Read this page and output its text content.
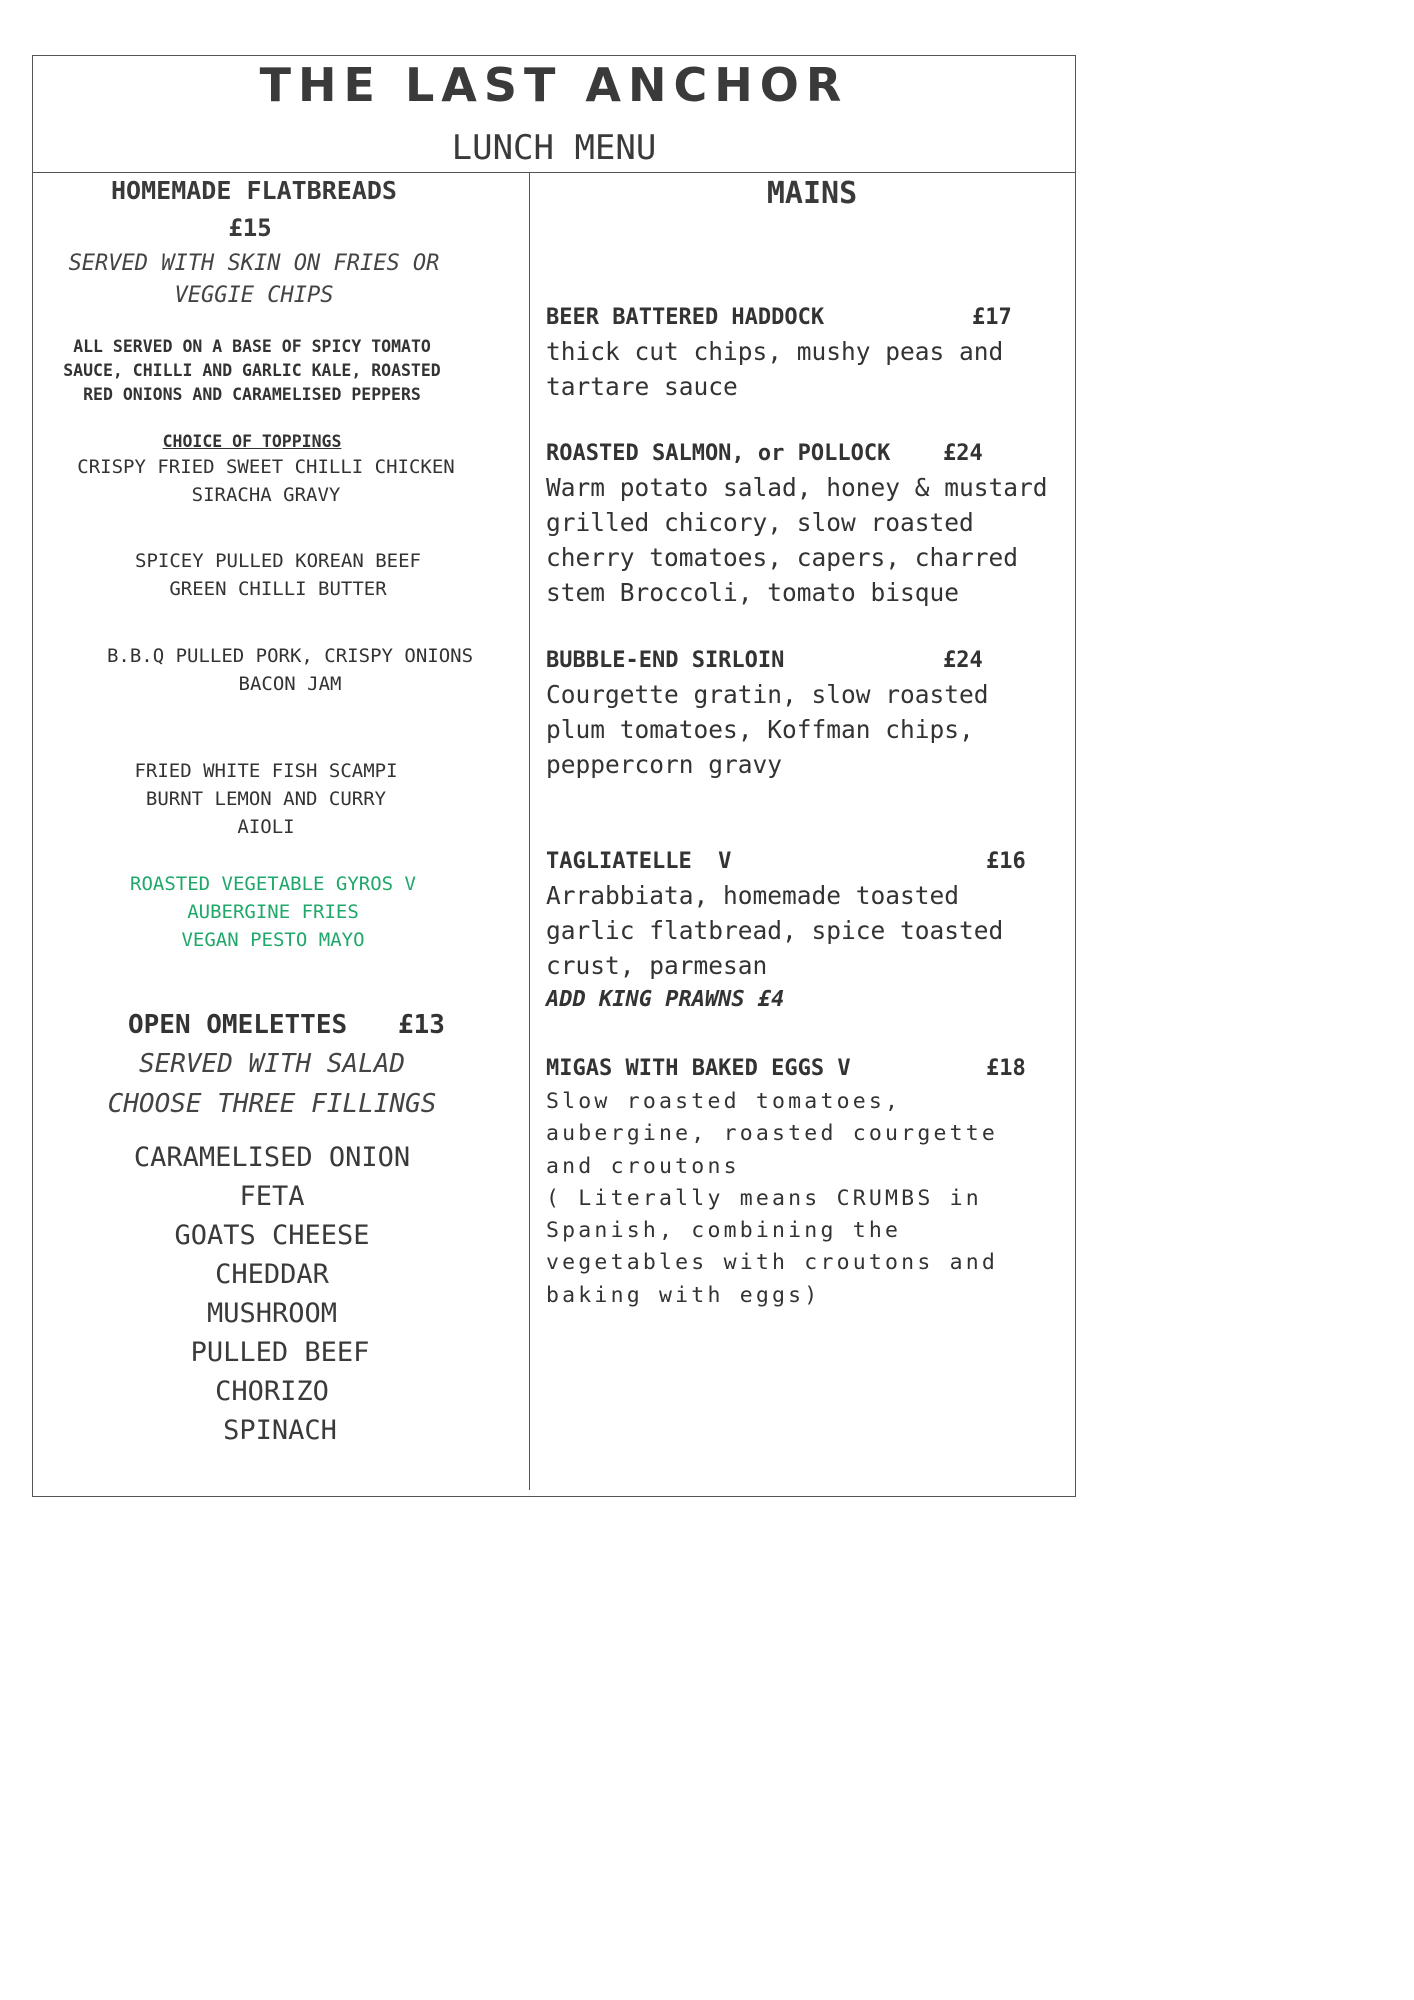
THE LAST ANCHOR
LUNCH MENU
HOMEMADE FLATBREADS
£15
SERVED WITH SKIN ON FRIES OR
VEGGIE CHIPS
ALL SERVED ON A BASE OF SPICY TOMATO
SAUCE, CHILLI AND GARLIC KALE, ROASTED
RED ONIONS AND CARAMELISED PEPPERS
CHOICE OF TOPPINGS
CRISPY FRIED SWEET CHILLI CHICKEN
SIRACHA GRAVY
SPICEY PULLED KOREAN BEEF
GREEN CHILLI BUTTER
B.B.Q PULLED PORK, CRISPY ONIONS
BACON JAM
FRIED WHITE FISH SCAMPI
BURNT LEMON AND CURRY
AIOLI
ROASTED VEGETABLE GYROS V
AUBERGINE FRIES
VEGAN PESTO MAYO
OPEN OMELETTES £13
SERVED WITH SALAD
CHOOSE THREE FILLINGS
CARAMELISED ONION
FETA
GOATS CHEESE
CHEDDAR
MUSHROOM
PULLED BEEF
CHORIZO
SPINACH
MAINS
BEER BATTERED HADDOCK	£17
thick cut chips, mushy peas and
tartare sauce
ROASTED SALMON, or POLLOCK £24
Warm potato salad, honey & mustard
grilled chicory, slow roasted
cherry tomatoes, capers, charred
stem Broccoli, tomato bisque
BUBBLE-END SIRLOIN	£24
Courgette gratin, slow roasted
plum tomatoes, Koffman chips,
peppercorn gravy
TAGLIATELLE  V	£16
Arrabbiata, homemade toasted
garlic flatbread, spice toasted
crust, parmesan
ADD KING PRAWNS £4
MIGAS WITH BAKED EGGS V	£18
Slow roasted tomatoes,
aubergine, roasted courgette
and croutons
( Literally means CRUMBS in
Spanish, combining the
vegetables with croutons and
baking with eggs)
